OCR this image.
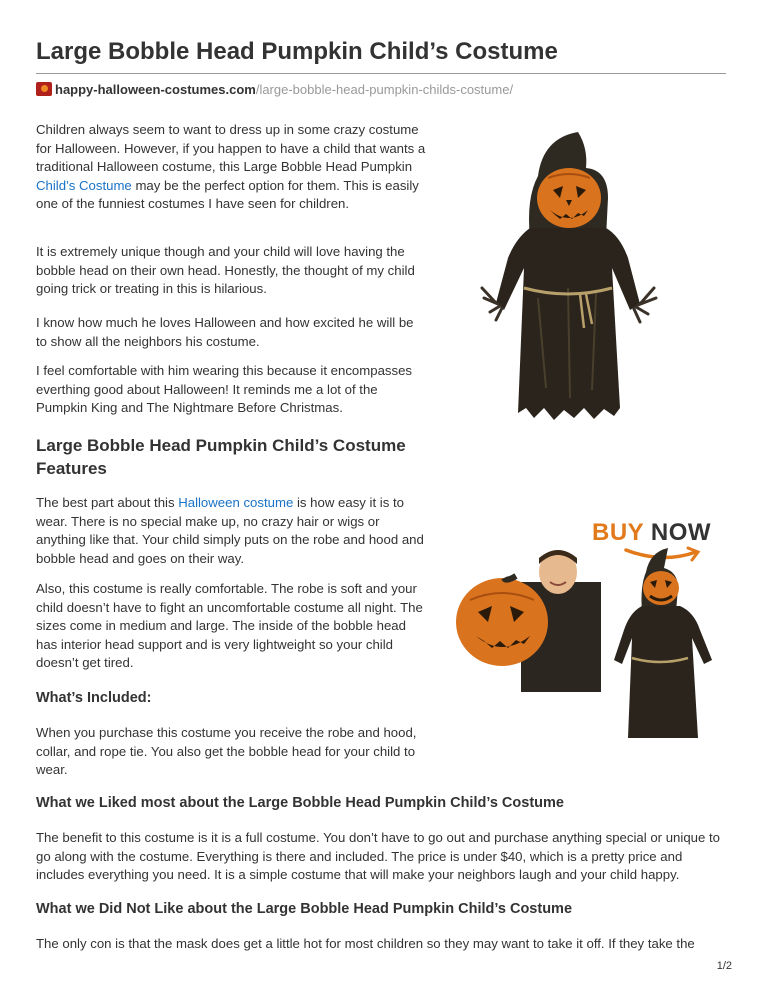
Large Bobble Head Pumpkin Child’s Costume
happy-halloween-costumes.com /large-bobble-head-pumpkin-childs-costume/

Children always seem to want to dress up in some crazy costume for Halloween. However, if you happen to have a child that wants a traditional Halloween costume, this Large Bobble Head Pumpkin Child’s Costume may be the perfect option for them. This is easily one of the funniest costumes I have seen for children.

It is extremely unique though and your child will love having the bobble head on their own head. Honestly, the thought of my child going trick or treating in this is hilarious.
I know how much he loves Halloween and how excited he will be to show all the neighbors his costume.
I feel comfortable with him wearing this because it encompasses everthing good about Halloween! It reminds me a lot of the Pumpkin King and The Nightmare Before Christmas.
Large Bobble Head Pumpkin Child’s Costume Features

The best part about this Halloween costume is how easy it is to wear. There is no special make up, no crazy hair or wigs or anything like that. Your child simply puts on the robe and hood and bobble head and goes on their way.

Also, this costume is really comfortable. The robe is soft and your child doesn’t have to fight an uncomfortable costume all night. The sizes come in medium and large. The inside of the bobble head has interior head support and is very lightweight so your child doesn’t get tired.
What’s Included:
When you purchase this costume you receive the robe and hood, collar, and rope tie. You also get the bobble head for your child to wear.
What we Liked most about the Large Bobble Head Pumpkin Child’s Costume
The benefit to this costume is it is a full costume. You don’t have to go out and purchase anything special or unique to go along with the costume. Everything is there and included. The price is under $40, which is a pretty price and includes everything you need. It is a simple costume that will make your neighbors laugh and your child happy.
What we Did Not Like about the Large Bobble Head Pumpkin Child’s Costume
The only con is that the mask does get a little hot for most children so they may want to take it off. If they take the
1/2
BUY NOW
